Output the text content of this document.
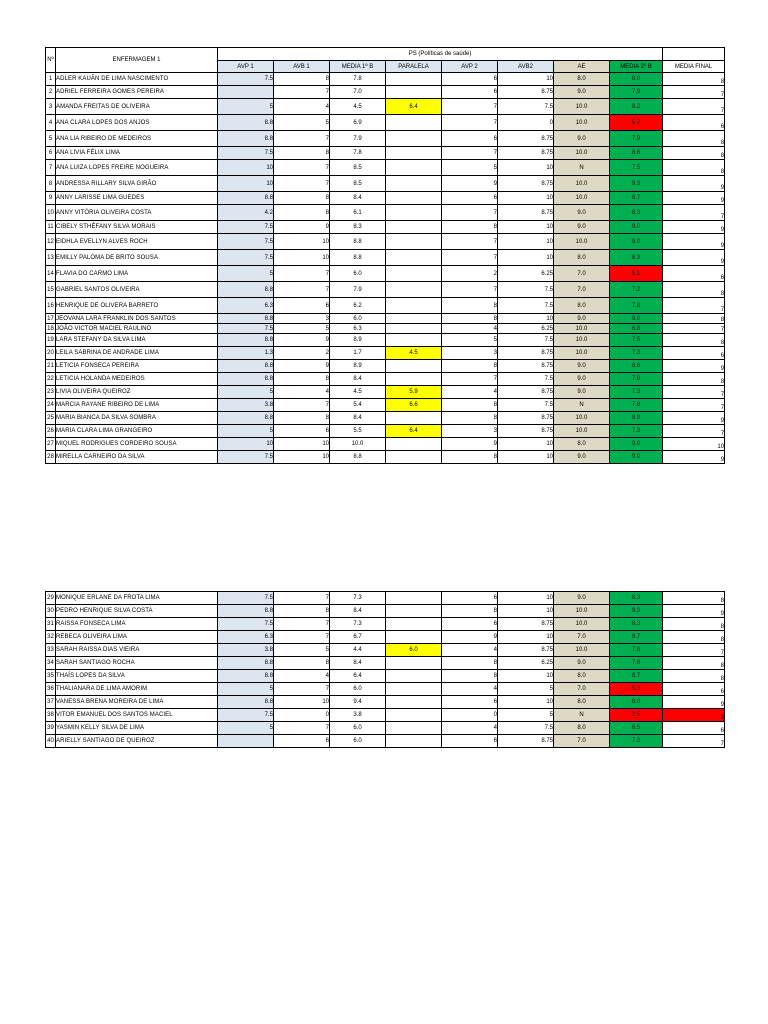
Nº	ENFERMAGEM 1	PS (Políticas de saúde)								
		AVP 1	AVB 1	MEDIA 1º B	PARALELA	AVP 2	AVB2	AE	MEDIA 2º B	MEDIA FINAL
1	ADLER KAUÃN DE LIMA NASCIMENTO	7.5	8	7.8		6	10	8.0	8.0	8
2	ADRIEL FERREIRA GOMES PEREIRA		7	7.0		6	8.75	9.0	7.9	7
3	AMANDA FREITAS DE OLIVEIRA	5	4	4.5	6.4	7	7.5	10.0	8.2	7
4	ANA CLARA LOPES DOS ANJOS	8.8	5	6.9		7	0	10.0	5.7	6
5	ANA LIA RIBEIRO DE MEDEIROS	8.8	7	7.9		6	8.75	9.0	7.9	8
6	ANA LIVIA FÉLIX LIMA	7.5	8	7.8		7	8.75	10.0	8.6	8
7	ANA LUIZA LOPES FREIRE NOGUEIRA	10	7	8.5		5	10	N	7.5	8
8	ANDRESSA RILLARY SILVA GIRÃO	10	7	8.5		9	8.75	10.0	9.3	9
9	ANNY LARISSE LIMA GUEDES	8.8	8	8.4		6	10	10.0	8.7	9
10	ANNY VITÓRIA OLIVEIRA COSTA	4.2	8	6.1		7	8.75	9.0	8.3	7
11	CIBELY STHÉFANY SILVA MORAIS	7.5	9	8.3		8	10	9.0	9.0	9
12	EIDHLA EVELLYN ALVES ROCH	7.5	10	8.8		7	10	10.0	9.0	9
13	EMILLY PALOMA DE BRITO SOUSA	7.5	10	8.8		7	10	8.0	8.3	9
14	FLAVIA DO CARMO LIMA	5	7	6.0		2	6.25	7.0	5.1	6
15	GABRIEL SANTOS OLIVEIRA	8.8	7	7.9		7	7.5	7.0	7.2	8
16	HENRIQUE DE OLIVERA BARRETO	6.3	6	6.2		8	7.5	8.0	7.8	7
17	JEOVANA LARA FRANKLIN DOS SANTOS	8.8	3	6.0		8	10	9.0	9.0	8
18	JOÃO VICTOR MACIEL RAULINO	7.5	5	6.3		4	6.25	10.0	6.8	7
19	LARA STEFANY DA SILVA LIMA	8.8	9	8.9		5	7.5	10.0	7.5	8
20	LEILA SABRINA DE ANDRADE LIMA	1.3	2	1.7	4.5	3	8.75	10.0	7.3	6
21	LETICIA FONSECA PEREIRA	8.8	9	8.9		8	8.75	9.0	8.6	9
22	LETICIA HOLANDA MEDEIROS	8.8	8	8.4		7	7.5	9.0	7.8	8
23	LIVIA OLIVEIRA QUEIROZ	5	4	4.5	5.9	4	8.75	9.0	7.3	7
24	MARCIA RAYANE RIBEIRO DE LIMA	3.8	7	5.4	6.6	8	7.5	N	7.8	7
25	MARIA BIANCA DA SILVA SOMBRA	8.8	8	8.4		8	8.75	10.0	8.9	9
26	MARIA CLARA LIMA GRANGEIRO	5	6	5.5	6.4	3	8.75	10.0	7.3	7
27	MIQUEL RODRIGUES CORDEIRO SOUSA	10	10	10.0		9	10	8.0	9.0	10
28	MIRELLA CARNEIRO DA SILVA	7.5	10	8.8		8	10	9.0	9.0	9
29	MONIQUE ERLANE DA FROTA LIMA	7.5	7	7.3		6	10	9.0	8.3	8
30	PEDRO HENRIQUE SILVA COSTA	8.8	8	8.4		8	10	10.0	9.3	9
31	RAISSA FONSECA LIMA	7.5	7	7.3		6	8.75	10.0	8.3	8
32	REBECA OLIVEIRA LIMA	6.3	7	6.7		9	10	7.0	8.7	8
33	SARAH RAISSA DIAS VIEIRA	3.8	5	4.4	6.0	4	8.75	10.0	7.6	7
34	SARAH SANTIAGO ROCHA	8.8	8	8.4		8	6.25	9.0	7.8	8
35	THAÍS LOPES DA SILVA	8.8	4	6.4		8	10	8.0	8.7	8
36	THALIANARA DE LIMA AMORIM	5	7	6.0		4	5	7.0	5.3	6
37	VANESSA BRENA MOREIRA DE LIMA	8.8	10	9.4		6	10	8.0	8.0	9
38	VITOR EMANUEL DOS SANTOS MACIEL	7.5	0	3.8		0	5	N	2.5	3
39	YASMIN KELLY SILVA DE LIMA	5	7	6.0		4	7.5	8.0	6.5	6
40	ARIELLY SANTIAGO DE QUEIROZ		6	6.0		6	8.75	7.0	7.3	7
